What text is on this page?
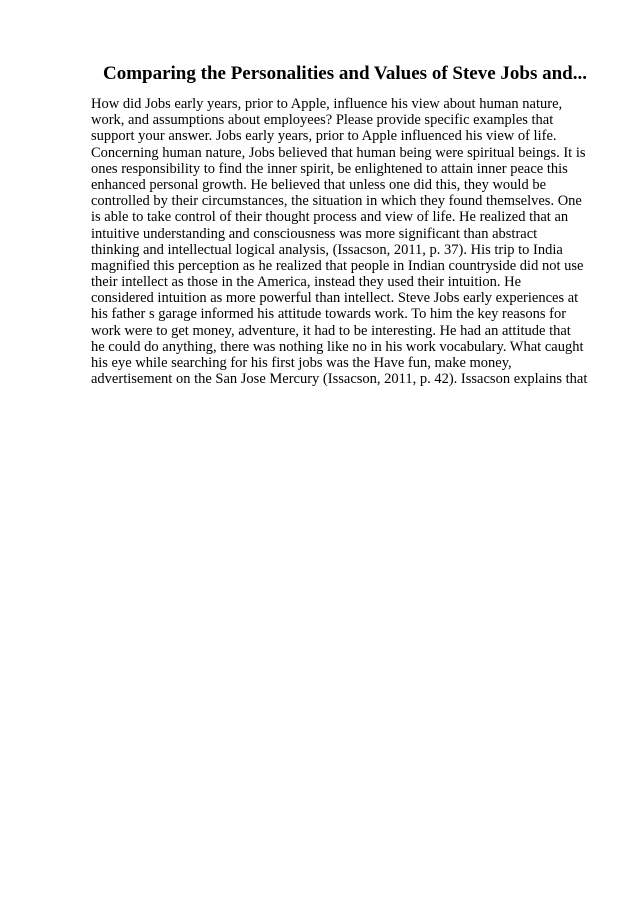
Comparing the Personalities and Values of Steve Jobs and...
How did Jobs early years, prior to Apple, influence his view about human nature,
work, and assumptions about employees? Please provide specific examples that
support your answer. Jobs early years, prior to Apple influenced his view of life.
Concerning human nature, Jobs believed that human being were spiritual beings. It is
ones responsibility to find the inner spirit, be enlightened to attain inner peace this
enhanced personal growth. He believed that unless one did this, they would be
controlled by their circumstances, the situation in which they found themselves. One
is able to take control of their thought process and view of life. He realized that an
intuitive understanding and consciousness was more significant than abstract
thinking and intellectual logical analysis, (Issacson, 2011, p. 37). His trip to India
magnified this perception as he realized that people in Indian countryside did not use
their intellect as those in the America, instead they used their intuition. He
considered intuition as more powerful than intellect. Steve Jobs early experiences at
his father s garage informed his attitude towards work. To him the key reasons for
work were to get money, adventure, it had to be interesting. He had an attitude that
he could do anything, there was nothing like no in his work vocabulary. What caught
his eye while searching for his first jobs was the Have fun, make money,
advertisement on the San Jose Mercury (Issacson, 2011, p. 42). Issacson explains that
